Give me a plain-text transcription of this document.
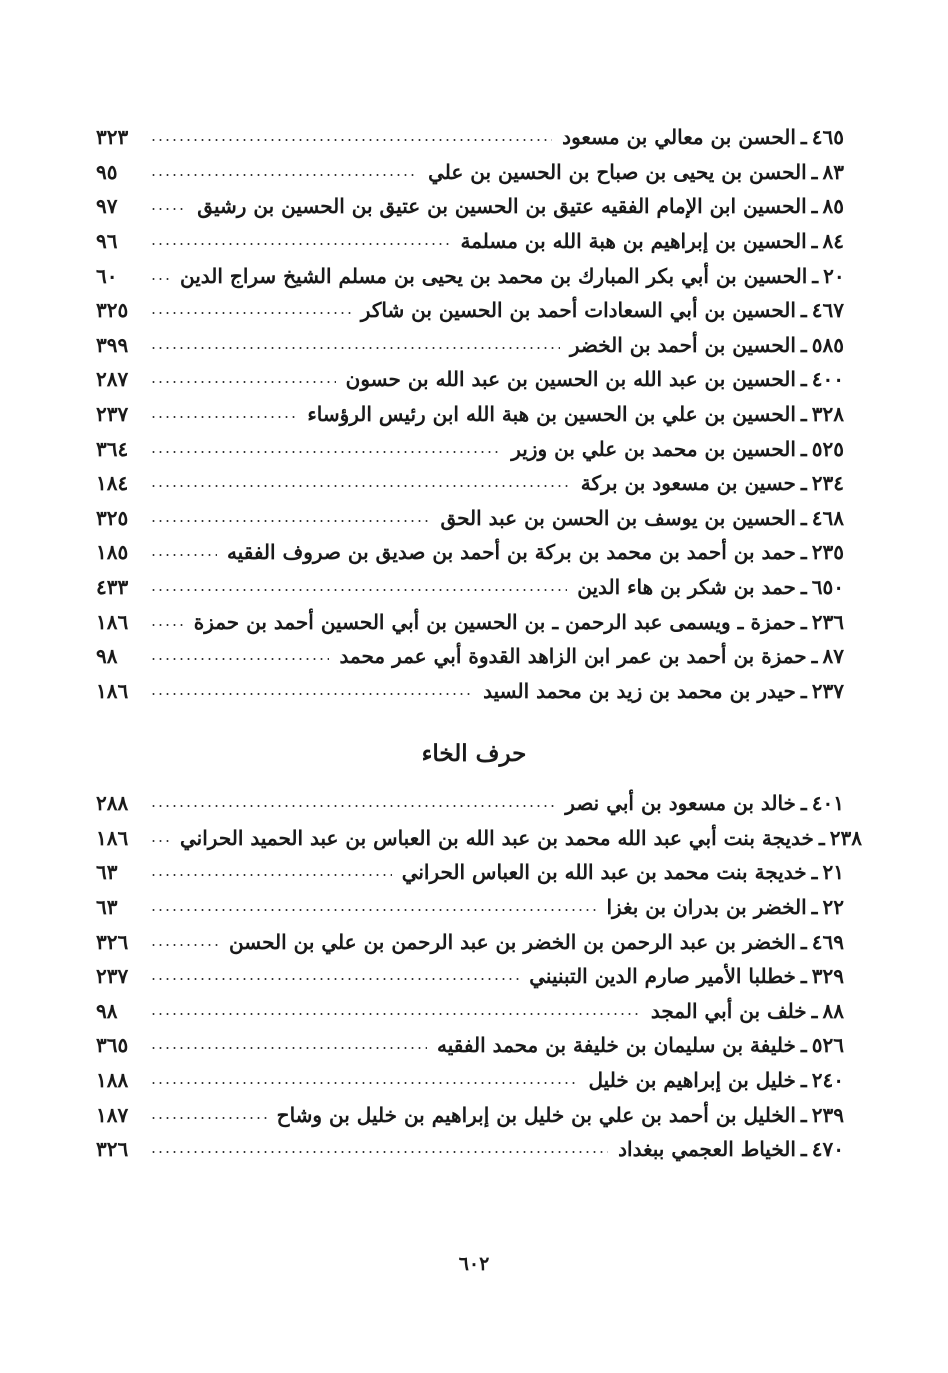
٣٢٣	الحسن بن معالي بن مسعود ـ ٤٦٥
٩٥	الحسن بن يحيى بن صباح بن الحسين بن علي ـ ٨٣
٩٧	الحسين ابن الإمام الفقيه عتيق بن الحسين بن عتيق بن الحسين بن رشيق ـ ٨٥
٩٦	الحسين بن إبراهيم بن هبة الله بن مسلمة ـ ٨٤
٦٠	الحسين بن أبي بكر المبارك بن محمد بن يحيى بن مسلم الشيخ سراج الدين ـ ٢٠
٣٢٥	الحسين بن أبي السعادات أحمد بن الحسين بن شاكر ـ ٤٦٧
٣٩٩	الحسين بن أحمد بن الخضر ـ ٥٨٥
٢٨٧	الحسين بن عبد الله بن الحسين بن عبد الله بن حسون ـ ٤٠٠
٢٣٧	الحسين بن علي بن الحسين بن هبة الله ابن رئيس الرؤساء ـ ٣٢٨
٣٦٤	الحسين بن محمد بن علي بن وزير ـ ٥٢٥
١٨٤	حسين بن مسعود بن بركة ـ ٢٣٤
٣٢٥	الحسين بن يوسف بن الحسن بن عبد الحق ـ ٤٦٨
١٨٥	حمد بن أحمد بن محمد بن بركة بن أحمد بن صديق بن صروف الفقيه ـ ٢٣٥
٤٣٣	حمد بن شكر بن هاء الدين ـ ٦٥٠
١٨٦	حمزة ـ ويسمى عبد الرحمن ـ بن الحسين بن أبي الحسين أحمد بن حمزة ـ ٢٣٦
٩٨	حمزة بن أحمد بن عمر ابن الزاهد القدوة أبي عمر محمد ـ ٨٧
١٨٦	حيدر بن محمد بن زيد بن محمد السيد ـ ٢٣٧
حرف الخاء
٢٨٨	خالد بن مسعود بن أبي نصر ـ ٤٠١
١٨٦	خديجة بنت أبي عبد الله محمد بن عبد الله بن العباس بن عبد الحميد الحراني ـ ٢٣٨
٦٣	خديجة بنت محمد بن عبد الله بن العباس الحراني ـ ٢١
٦٣	الخضر بن بدران بن بغزا ـ ٢٢
٣٢٦	الخضر بن عبد الرحمن بن الخضر بن عبد الرحمن بن علي بن الحسن ـ ٤٦٩
٢٣٧	خطلبا الأمير صارم الدين التبنيني ـ ٣٢٩
٩٨	خلف بن أبي المجد ـ ٨٨
٣٦٥	خليفة بن سليمان بن خليفة بن محمد الفقيه ـ ٥٢٦
١٨٨	خليل بن إبراهيم بن خليل ـ ٢٤٠
١٨٧	الخليل بن أحمد بن علي بن خليل بن إبراهيم بن خليل بن وشاح ـ ٢٣٩
٣٢٦	الخياط العجمي ببغداد ـ ٤٧٠
٦٠٢
